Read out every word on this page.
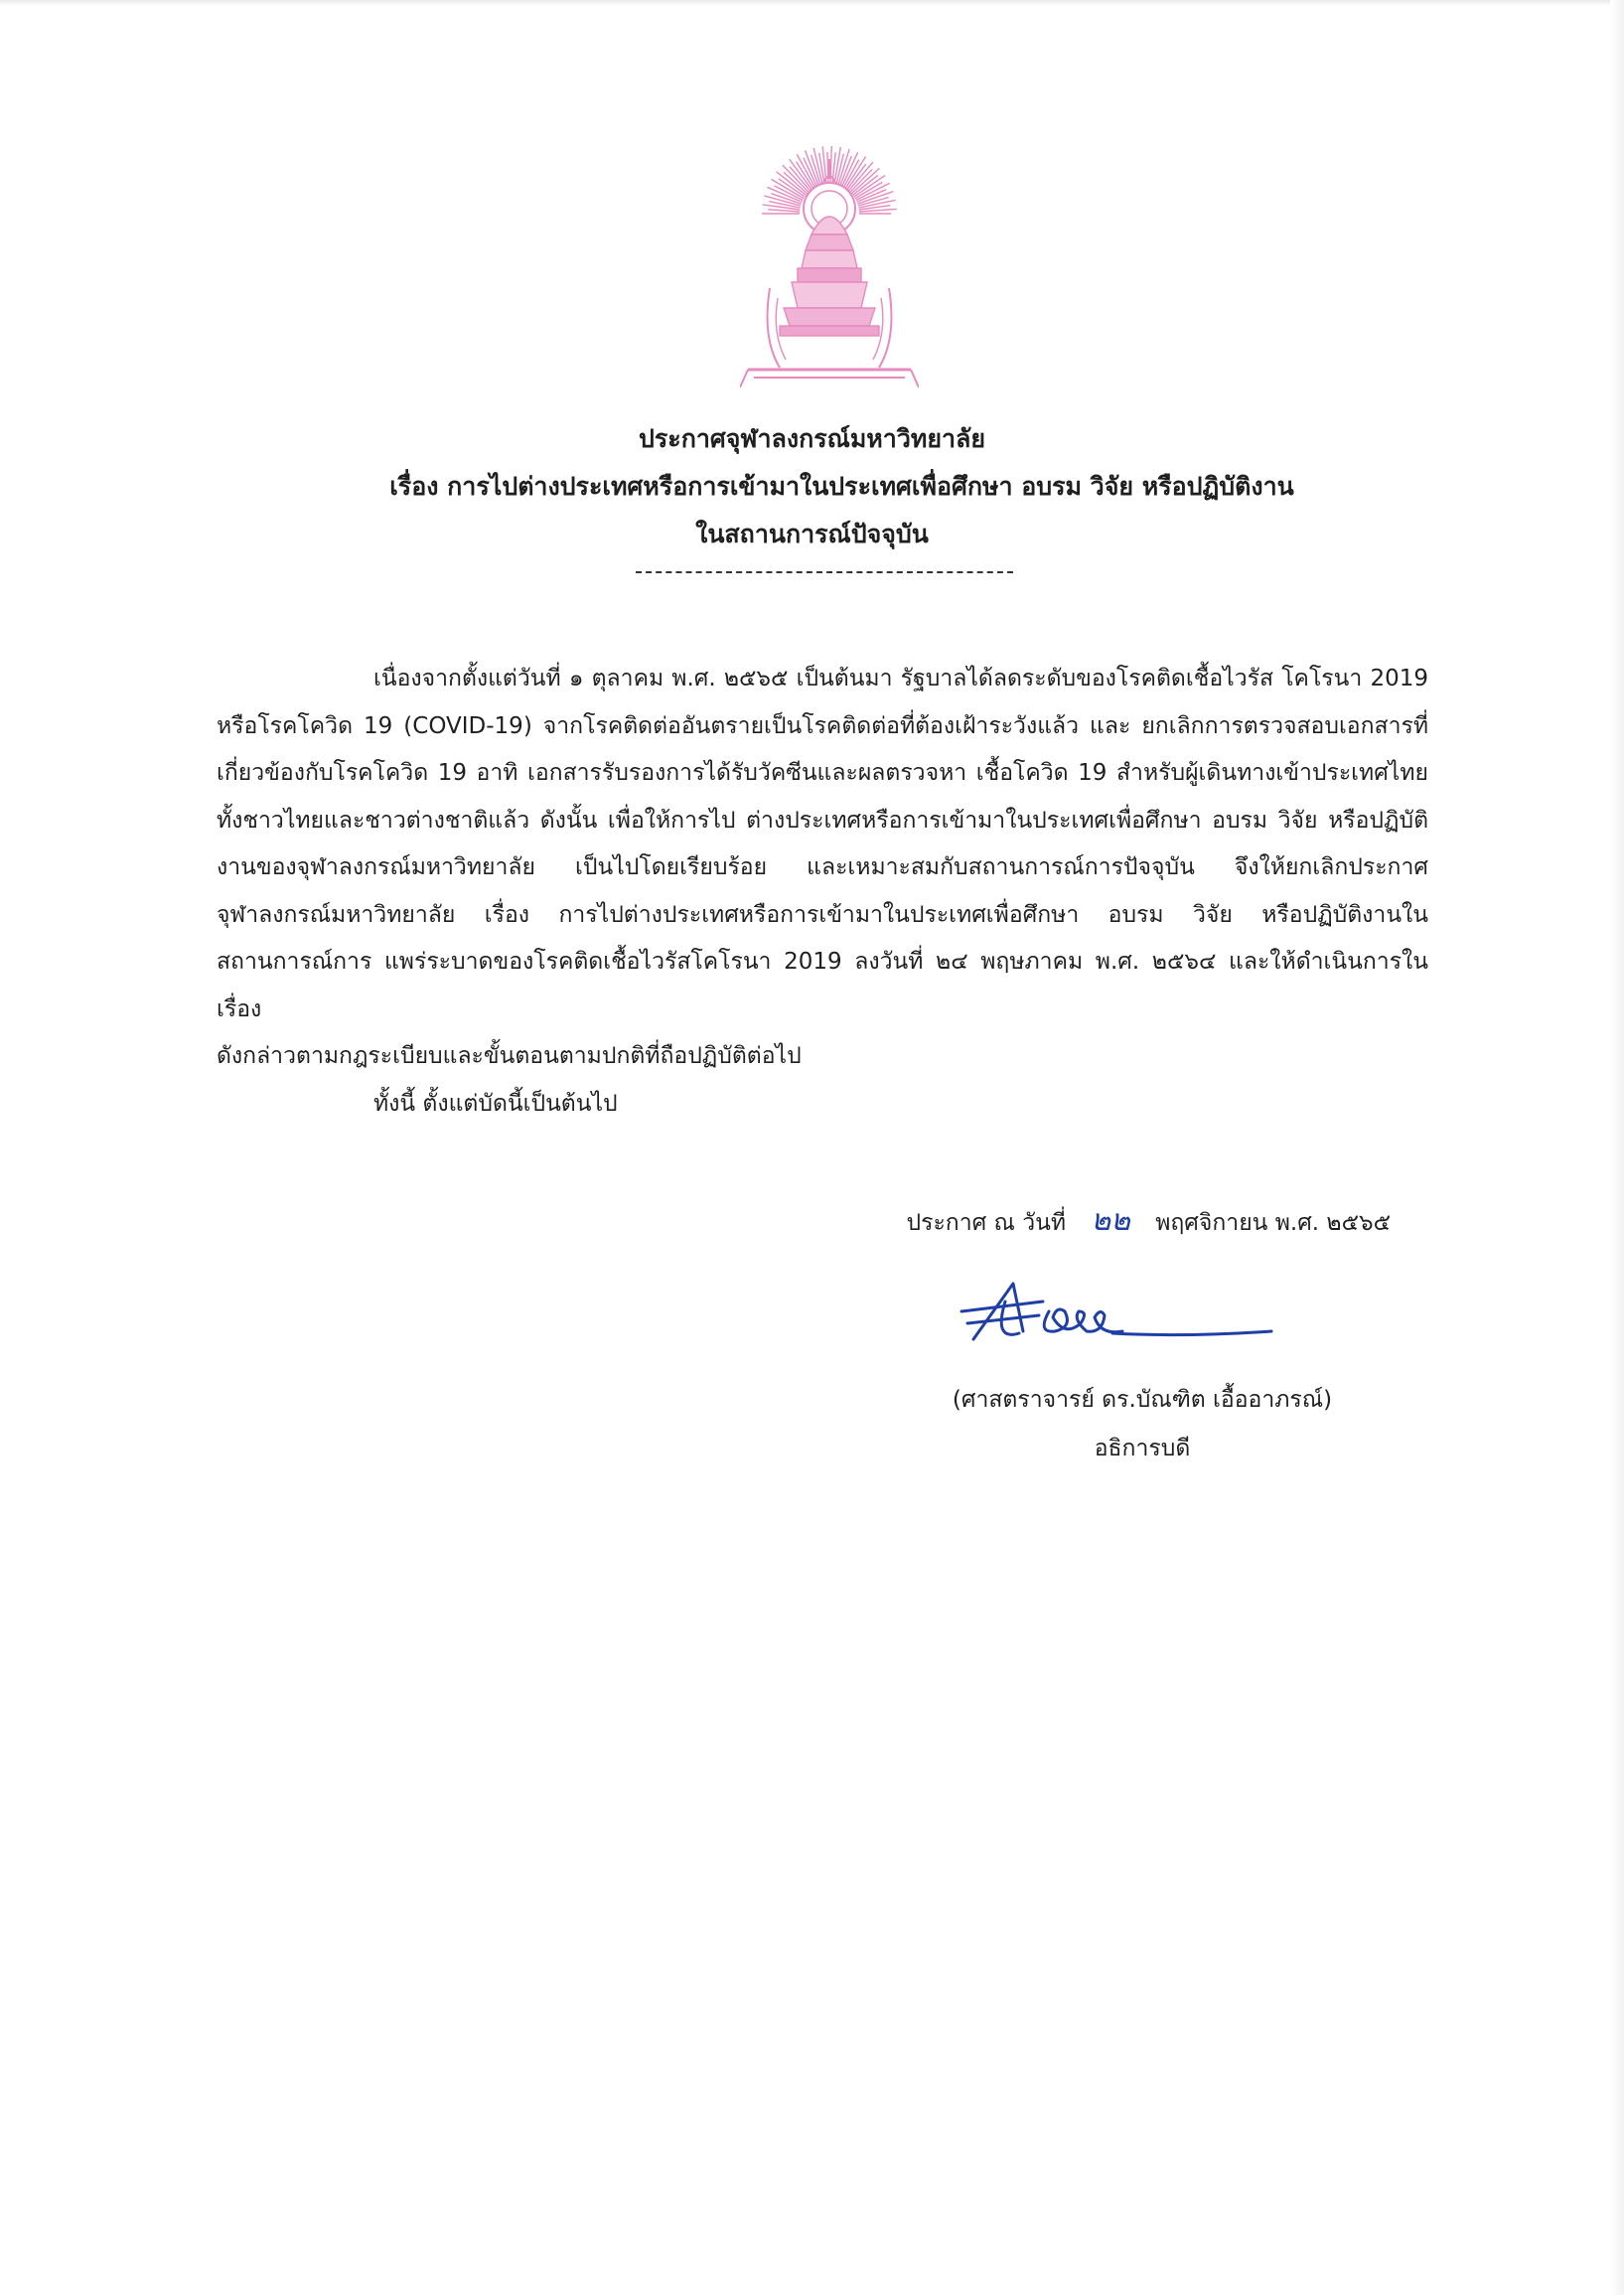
ประกาศจุฬาลงกรณ์มหาวิทยาลัย

เรื่อง การไปต่างประเทศหรือการเข้ามาในประเทศเพื่อศึกษา อบรม วิจัย หรือปฏิบัติงาน

ในสถานการณ์ปัจจุบัน

เนื่องจากตั้งแต่วันที่ ๑ ตุลาคม พ.ศ. ๒๕๖๕ เป็นต้นมา รัฐบาลได้ลดระดับของโรคติดเชื้อไวรัส โคโรนา 2019 หรือโรคโควิด 19 (COVID-19) จากโรคติดต่ออันตรายเป็นโรคติดต่อที่ต้องเฝ้าระวังแล้ว และ ยกเลิกการตรวจสอบเอกสารที่เกี่ยวข้องกับโรคโควิด 19 อาทิ เอกสารรับรองการได้รับวัคซีนและผลตรวจหา เชื้อโควิด 19 สำหรับผู้เดินทางเข้าประเทศไทยทั้งชาวไทยและชาวต่างชาติแล้ว ดังนั้น เพื่อให้การไป ต่างประเทศหรือการเข้ามาในประเทศเพื่อศึกษา อบรม วิจัย หรือปฏิบัติงานของจุฬาลงกรณ์มหาวิทยาลัย เป็นไปโดยเรียบร้อย และเหมาะสมกับสถานการณ์การปัจจุบัน จึงให้ยกเลิกประกาศจุฬาลงกรณ์มหาวิทยาลัย เรื่อง การไปต่างประเทศหรือการเข้ามาในประเทศเพื่อศึกษา อบรม วิจัย หรือปฏิบัติงานในสถานการณ์การ แพร่ระบาดของโรคติดเชื้อไวรัสโคโรนา 2019 ลงวันที่ ๒๔ พฤษภาคม พ.ศ. ๒๕๖๔ และให้ดำเนินการในเรื่อง

ดังกล่าวตามกฎระเบียบและขั้นตอนตามปกติที่ถือปฏิบัติต่อไป

ทั้งนี้ ตั้งแต่บัดนี้เป็นต้นไป

ประกาศ ณ วันที่ ๒๒ พฤศจิกายน พ.ศ. ๒๕๖๕
(ศาสตราจารย์ ดร.บัณฑิต เอื้ออาภรณ์)
อธิการบดี
